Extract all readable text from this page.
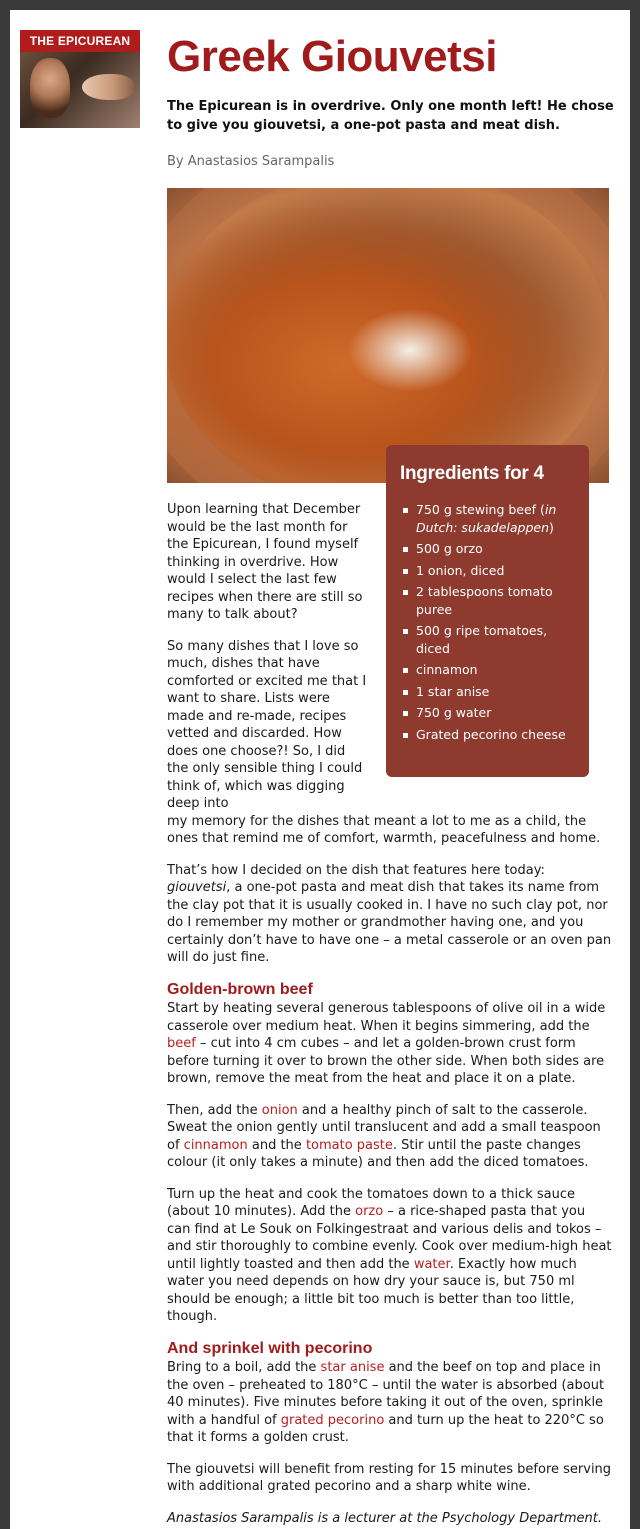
THE EPICUREAN Greek Giouvetsi

The Epicurean is in overdrive. Only one month left! He chose to give you giouvetsi, a one-pot pasta and meat dish.

By Anastasios Sarampalis

Ingredients for 4
750 g stewing beef (in Dutch: sukadelappen)
500 g orzo
1 onion, diced
2 tablespoons tomato puree
500 g ripe tomatoes, diced
cinnamon
1 star anise
750 g water
Grated pecorino cheese

Upon learning that December would be the last month for the Epicurean, I found myself thinking in overdrive. How would I select the last few recipes when there are still so many to talk about?

So many dishes that I love so much, dishes that have comforted or excited me that I want to share. Lists were made and re-made, recipes vetted and discarded. How does one choose?! So, I did the only sensible thing I could think of, which was digging deep into
my memory for the dishes that meant a lot to me as a child, the ones that remind me of comfort, warmth, peacefulness and home.

That’s how I decided on the dish that features here today: giouvetsi, a one-pot pasta and meat dish that takes its name from the clay pot that it is usually cooked in. I have no such clay pot, nor do I remember my mother or grandmother having one, and you certainly don’t have to have one – a metal casserole or an oven pan will do just fine.

Golden-brown beef

Start by heating several generous tablespoons of olive oil in a wide casserole over medium heat. When it begins simmering, add the beef – cut into 4 cm cubes – and let a golden-brown crust form before turning it over to brown the other side. When both sides are brown, remove the meat from the heat and place it on a plate.

Then, add the onion and a healthy pinch of salt to the casserole. Sweat the onion gently until translucent and add a small teaspoon of cinnamon and the tomato paste. Stir until the paste changes colour (it only takes a minute) and then add the diced tomatoes.

Turn up the heat and cook the tomatoes down to a thick sauce (about 10 minutes). Add the orzo – a rice-shaped pasta that you can find at Le Souk on Folkingestraat and various delis and tokos – and stir thoroughly to combine evenly. Cook over medium-high heat until lightly toasted and then add the water. Exactly how much water you need depends on how dry your sauce is, but 750 ml should be enough; a little bit too much is better than too little, though.

And sprinkel with pecorino

Bring to a boil, add the star anise and the beef on top and place in the oven – preheated to 180°C – until the water is absorbed (about 40 minutes). Five minutes before taking it out of the oven, sprinkle with a handful of grated pecorino and turn up the heat to 220°C so that it forms a golden crust.

The giouvetsi will benefit from resting for 15 minutes before serving with additional grated pecorino and a sharp white wine.

Anastasios Sarampalis is a lecturer at the Psychology Department.
